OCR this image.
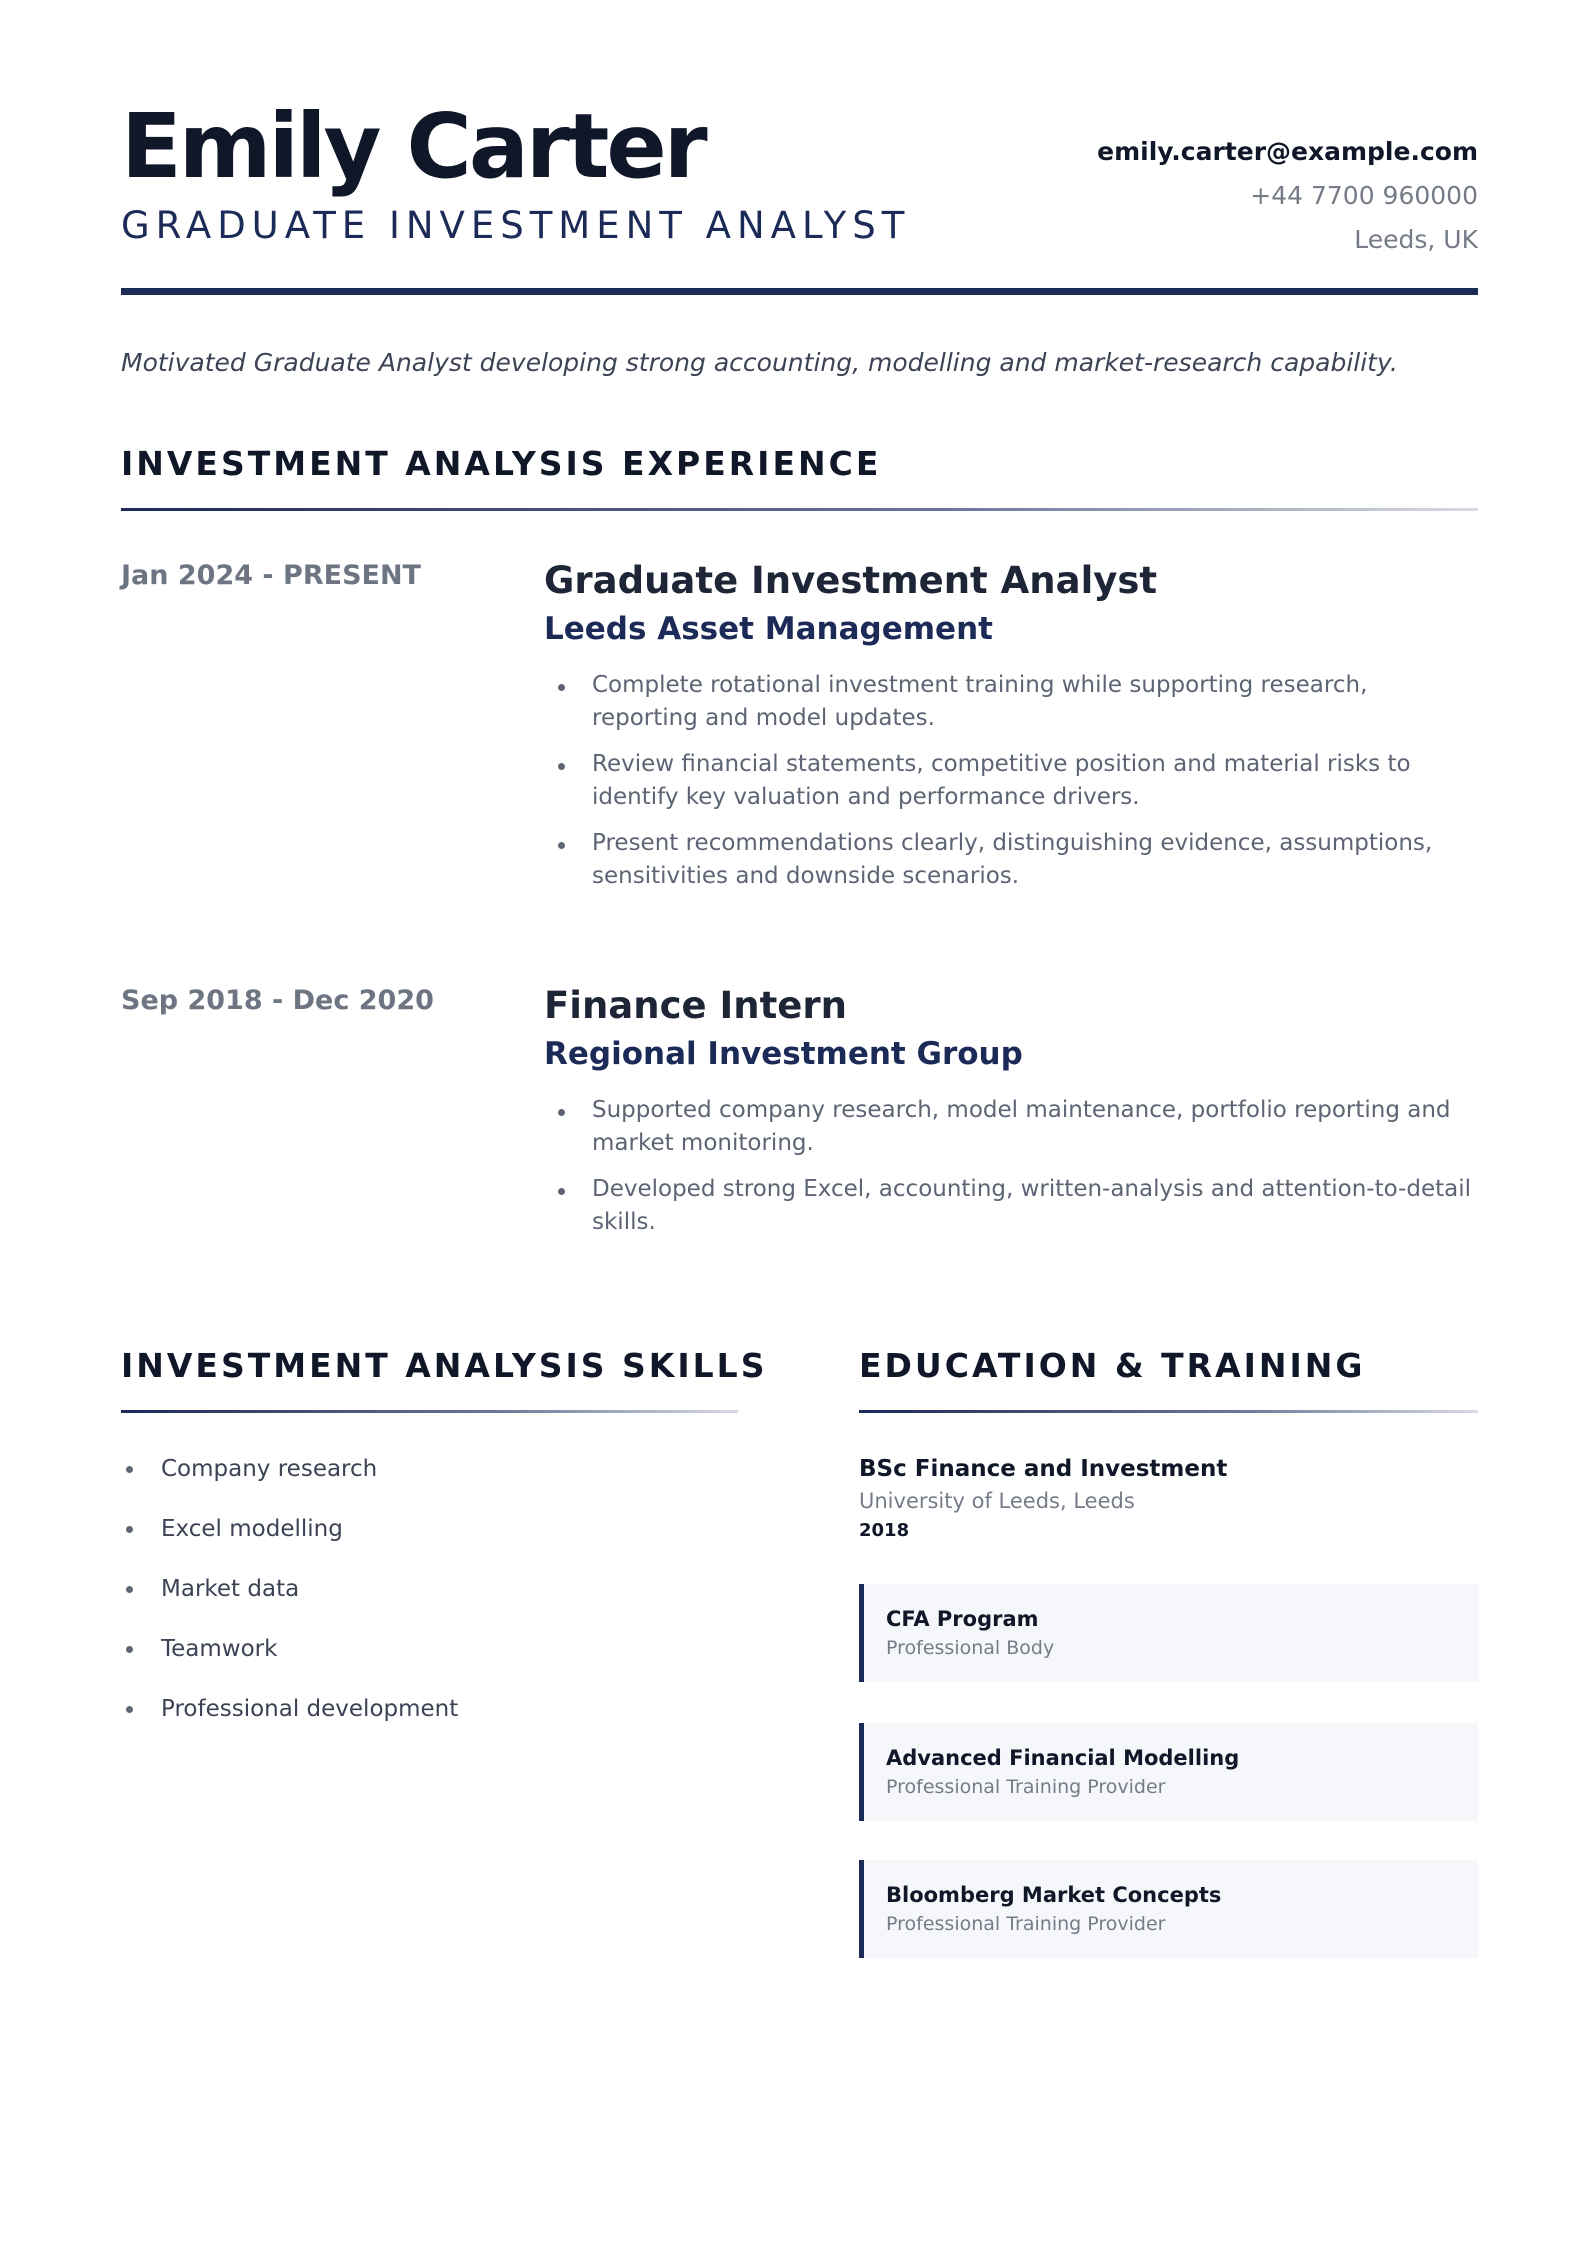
Emily Carter
GRADUATE INVESTMENT ANALYST
emily.carter@example.com
+44 7700 960000
Leeds, UK
Motivated Graduate Analyst developing strong accounting, modelling and market-research capability.
INVESTMENT ANALYSIS EXPERIENCE
Jan 2024 - PRESENT	Graduate Investment Analyst
Leeds Asset Management
Complete rotational investment training while supporting research, reporting and model updates.
Review financial statements, competitive position and material risks to identify key valuation and performance drivers.
Present recommendations clearly, distinguishing evidence, assumptions, sensitivities and downside scenarios.
Sep 2018 - Dec 2020	Finance Intern
Regional Investment Group
Supported company research, model maintenance, portfolio reporting and market monitoring.
Developed strong Excel, accounting, written-analysis and attention-to-detail skills.
INVESTMENT ANALYSIS SKILLS
Company research
Excel modelling
Market data
Teamwork
Professional development
EDUCATION & TRAINING
BSc Finance and Investment
University of Leeds, Leeds
2018
CFA Program
Professional Body
Advanced Financial Modelling
Professional Training Provider
Bloomberg Market Concepts
Professional Training Provider
